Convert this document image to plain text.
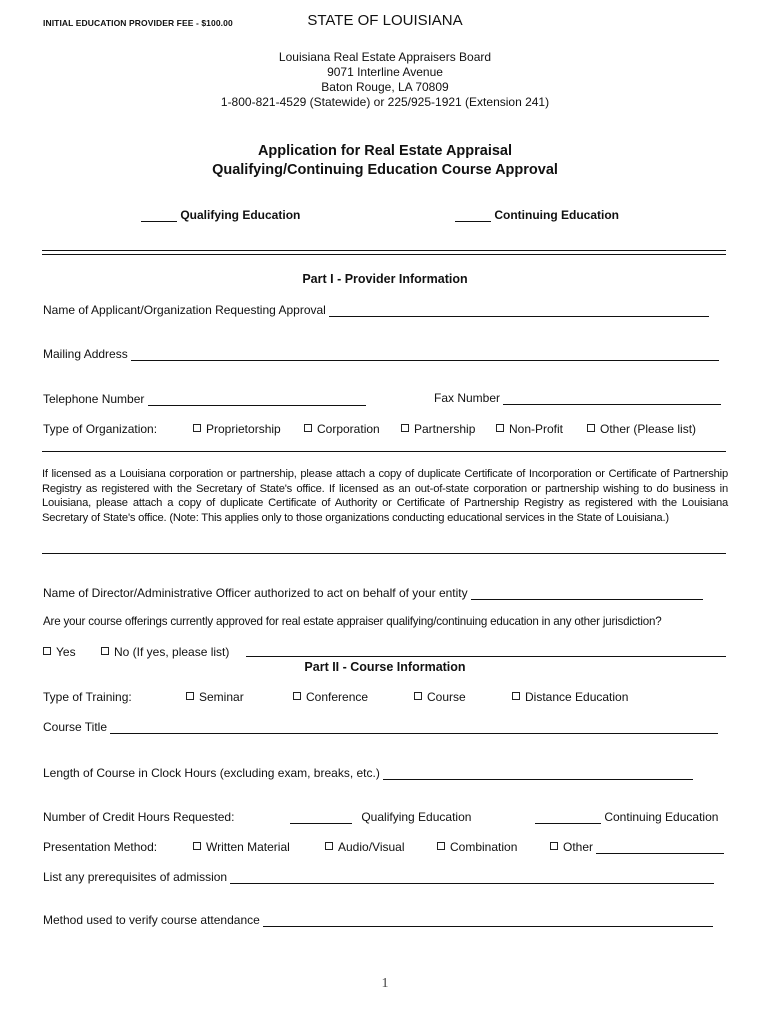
INITIAL EDUCATION PROVIDER FEE - $100.00	STATE OF LOUISIANA
Louisiana Real Estate Appraisers Board
9071 Interline Avenue
Baton Rouge, LA 70809
1-800-821-4529 (Statewide) or 225/925-1921 (Extension 241)
Application for Real Estate Appraisal
Qualifying/Continuing Education Course Approval
Qualifying Education	Continuing Education
Part I - Provider Information
Name of Applicant/Organization Requesting Approval
Mailing Address
Telephone Number	Fax Number
Type of Organization:	Proprietorship	Corporation	Partnership	Non-Profit	Other (Please list)
If licensed as a Louisiana corporation or partnership, please attach a copy of duplicate Certificate of Incorporation or Certificate of Partnership Registry as registered with the Secretary of State's office. If licensed as an out-of-state corporation or partnership wishing to do business in Louisiana, please attach a copy of duplicate Certificate of Authority or Certificate of Partnership Registry as registered with the Louisiana Secretary of State's office. (Note: This applies only to those organizations conducting educational services in the State of Louisiana.)
Name of Director/Administrative Officer authorized to act on behalf of your entity
Are your course offerings currently approved for real estate appraiser qualifying/continuing education in any other jurisdiction?
Yes	No (If yes, please list)
Part II - Course Information
Type of Training:	Seminar	Conference	Course	Distance Education
Course Title
Length of Course in Clock Hours (excluding exam, breaks, etc.)
Number of Credit Hours Requested:	Qualifying Education	Continuing Education
Presentation Method:	Written Material	Audio/Visual	Combination	Other
List any prerequisites of admission
Method used to verify course attendance
1
